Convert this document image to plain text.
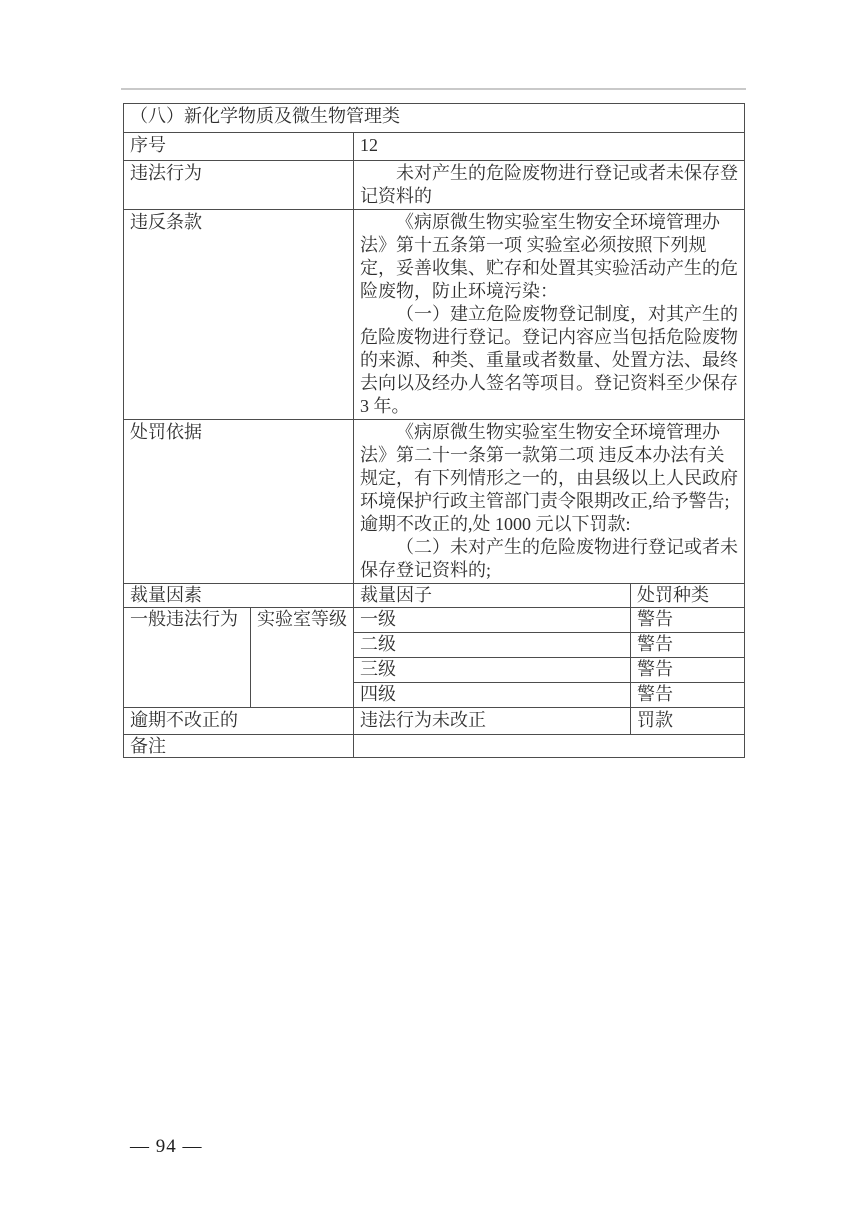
（八）新化学物质及微生物管理类			
序号		12	
违法行为		未对产生的危险废物进行登记或者未保存登记资料的	

违反条款		《病原微生物实验室生物安全环境管理办法》第十五条第一项 实验室必须按照下列规定，妥善收集、贮存和处置其实验活动产生的危险废物，防止环境污染：

（一）建立危险废物登记制度，对其产生的危险废物进行登记。登记内容应当包括危险废物的来源、种类、重量或者数量、处置方法、最终去向以及经办人签名等项目。登记资料至少保存 3 年。	

处罚依据		《病原微生物实验室生物安全环境管理办法》第二十一条第一款第二项 违反本办法有关规定，有下列情形之一的，由县级以上人民政府环境保护行政主管部门责令限期改正,给予警告;逾期不改正的,处 1000 元以下罚款:

（二）未对产生的危险废物进行登记或者未保存登记资料的;	

裁量因素		裁量因子	处罚种类
一般违法行为	实验室等级	一级	警告
		二级	警告
		三级	警告
		四级	警告
逾期不改正的		违法行为未改正	罚款
备注			
— 94 —
